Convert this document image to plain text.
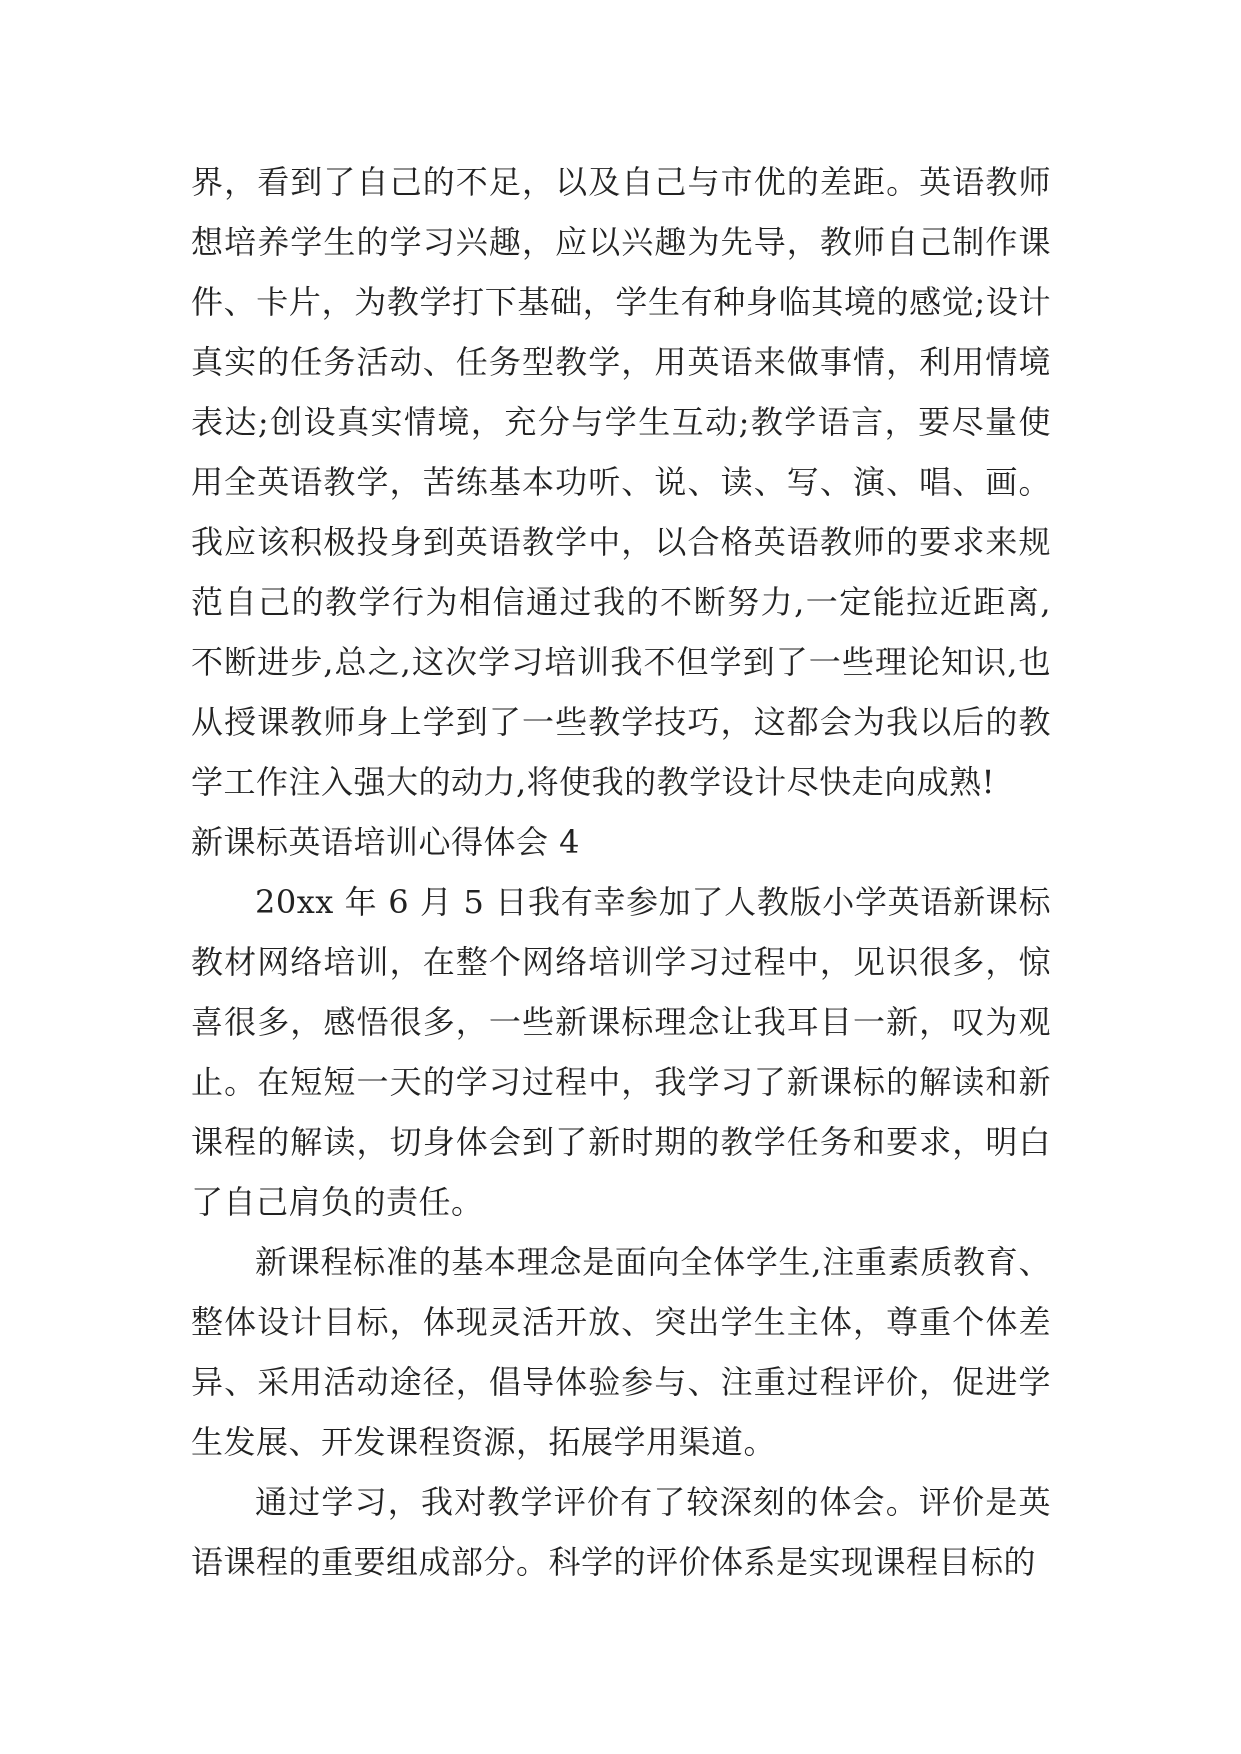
界，看到了自己的不足，以及自己与市优的差距。英语教师想培养学生的学习兴趣，应以兴趣为先导，教师自己制作课件、卡片，为教学打下基础，学生有种身临其境的感觉;设计真实的任务活动、任务型教学，用英语来做事情，利用情境表达;创设真实情境，充分与学生互动;教学语言，要尽量使用全英语教学，苦练基本功听、说、读、写、演、唱、画。我应该积极投身到英语教学中，以合格英语教师的要求来规范自己的教学行为相信通过我的不断努力,一定能拉近距离,不断进步,总之,这次学习培训我不但学到了一些理论知识,也从授课教师身上学到了一些教学技巧，这都会为我以后的教学工作注入强大的动力,将使我的教学设计尽快走向成熟!

新课标英语培训心得体会 4

20xx 年 6 月 5 日我有幸参加了人教版小学英语新课标教材网络培训，在整个网络培训学习过程中，见识很多，惊喜很多，感悟很多，一些新课标理念让我耳目一新，叹为观止。在短短一天的学习过程中，我学习了新课标的解读和新课程的解读，切身体会到了新时期的教学任务和要求，明白了自己肩负的责任。

新课程标准的基本理念是面向全体学生,注重素质教育、整体设计目标，体现灵活开放、突出学生主体，尊重个体差异、采用活动途径，倡导体验参与、注重过程评价，促进学生发展、开发课程资源，拓展学用渠道。

通过学习，我对教学评价有了较深刻的体会。评价是英语课程的重要组成部分。科学的评价体系是实现课程目标的
